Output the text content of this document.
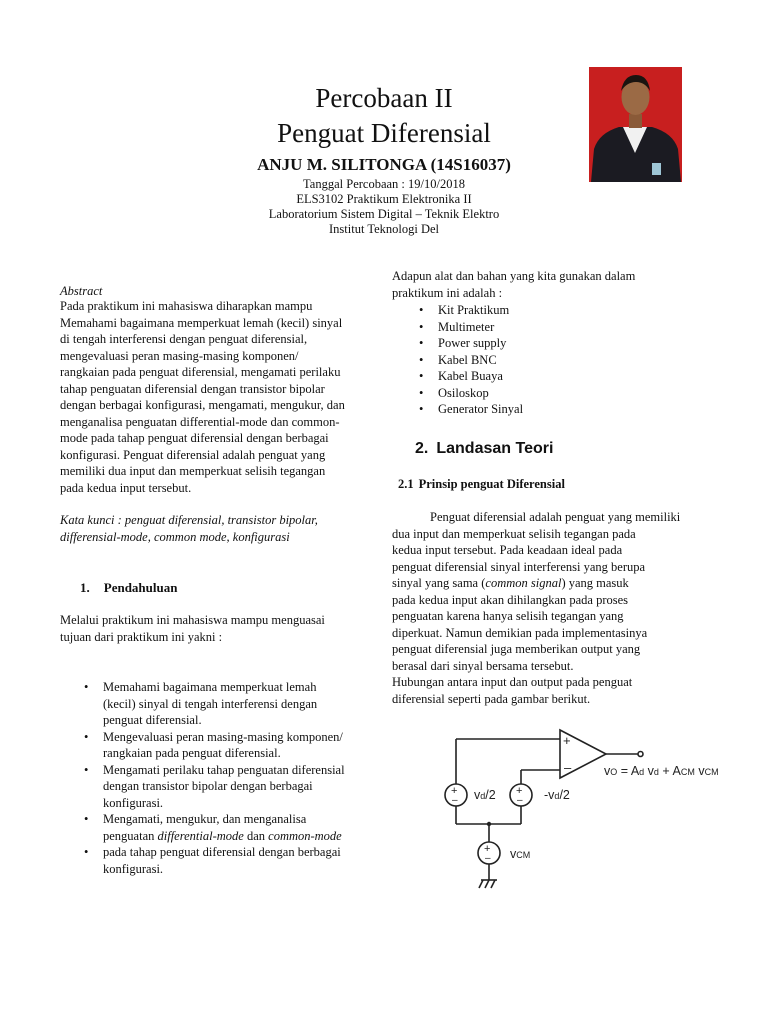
Percobaan II
Penguat Diferensial
ANJU M. SILITONGA (14S16037)
Tanggal Percobaan : 19/10/2018
ELS3102 Praktikum Elektronika II
Laboratorium Sistem Digital – Teknik Elektro
Institut Teknologi Del
Abstract
Pada praktikum ini mahasiswa diharapkan mampu
Memahami bagaimana memperkuat lemah (kecil) sinyal
di tengah interferensi dengan penguat diferensial,
mengevaluasi peran masing-masing komponen/
rangkaian pada penguat diferensial, mengamati perilaku
tahap penguatan diferensial dengan transistor bipolar
dengan berbagai konfigurasi, mengamati, mengukur, dan
menganalisa penguatan differential-mode dan common-
mode pada tahap penguat diferensial dengan berbagai
konfigurasi. Penguat diferensial adalah penguat yang
memiliki dua input dan memperkuat selisih tegangan
pada kedua input tersebut.
Kata kunci : penguat diferensial, transistor bipolar,
differensial-mode, common mode, konfigurasi
1. Pendahuluan
Melalui praktikum ini mahasiswa mampu menguasai
tujuan dari praktikum ini yakni :
• Memahami bagaimana memperkuat lemah
(kecil) sinyal di tengah interferensi dengan
penguat diferensial.
• Mengevaluasi peran masing-masing komponen/
rangkaian pada penguat diferensial.
• Mengamati perilaku tahap penguatan diferensial
dengan transistor bipolar dengan berbagai
konfigurasi.
• Mengamati, mengukur, dan menganalisa
penguatan differential-mode dan common-mode
• pada tahap penguat diferensial dengan berbagai
konfigurasi.
Adapun alat dan bahan yang kita gunakan dalam
praktikum ini adalah :
• Kit Praktikum
• Multimeter
• Power supply
• Kabel BNC
• Kabel Buaya
• Osiloskop
• Generator Sinyal
2. Landasan Teori
2.1 Prinsip penguat Diferensial
Penguat diferensial adalah penguat yang memiliki
dua input dan memperkuat selisih tegangan pada
kedua input tersebut. Pada keadaan ideal pada
penguat diferensial sinyal interferensi yang berupa
sinyal yang sama (common signal) yang masuk
pada kedua input akan dihilangkan pada proses
penguatan karena hanya selisih tegangan yang
diperkuat. Namun demikian pada implementasinya
penguat diferensial juga memberikan output yang
berasal dari sinyal bersama tersebut.
Hubungan antara input dan output pada penguat
diferensial seperti pada gambar berikut.
+
–
+
–
+
–
+
–
vO = Ad vd + ACM vCM
vd/2	-vd/2
vCM
